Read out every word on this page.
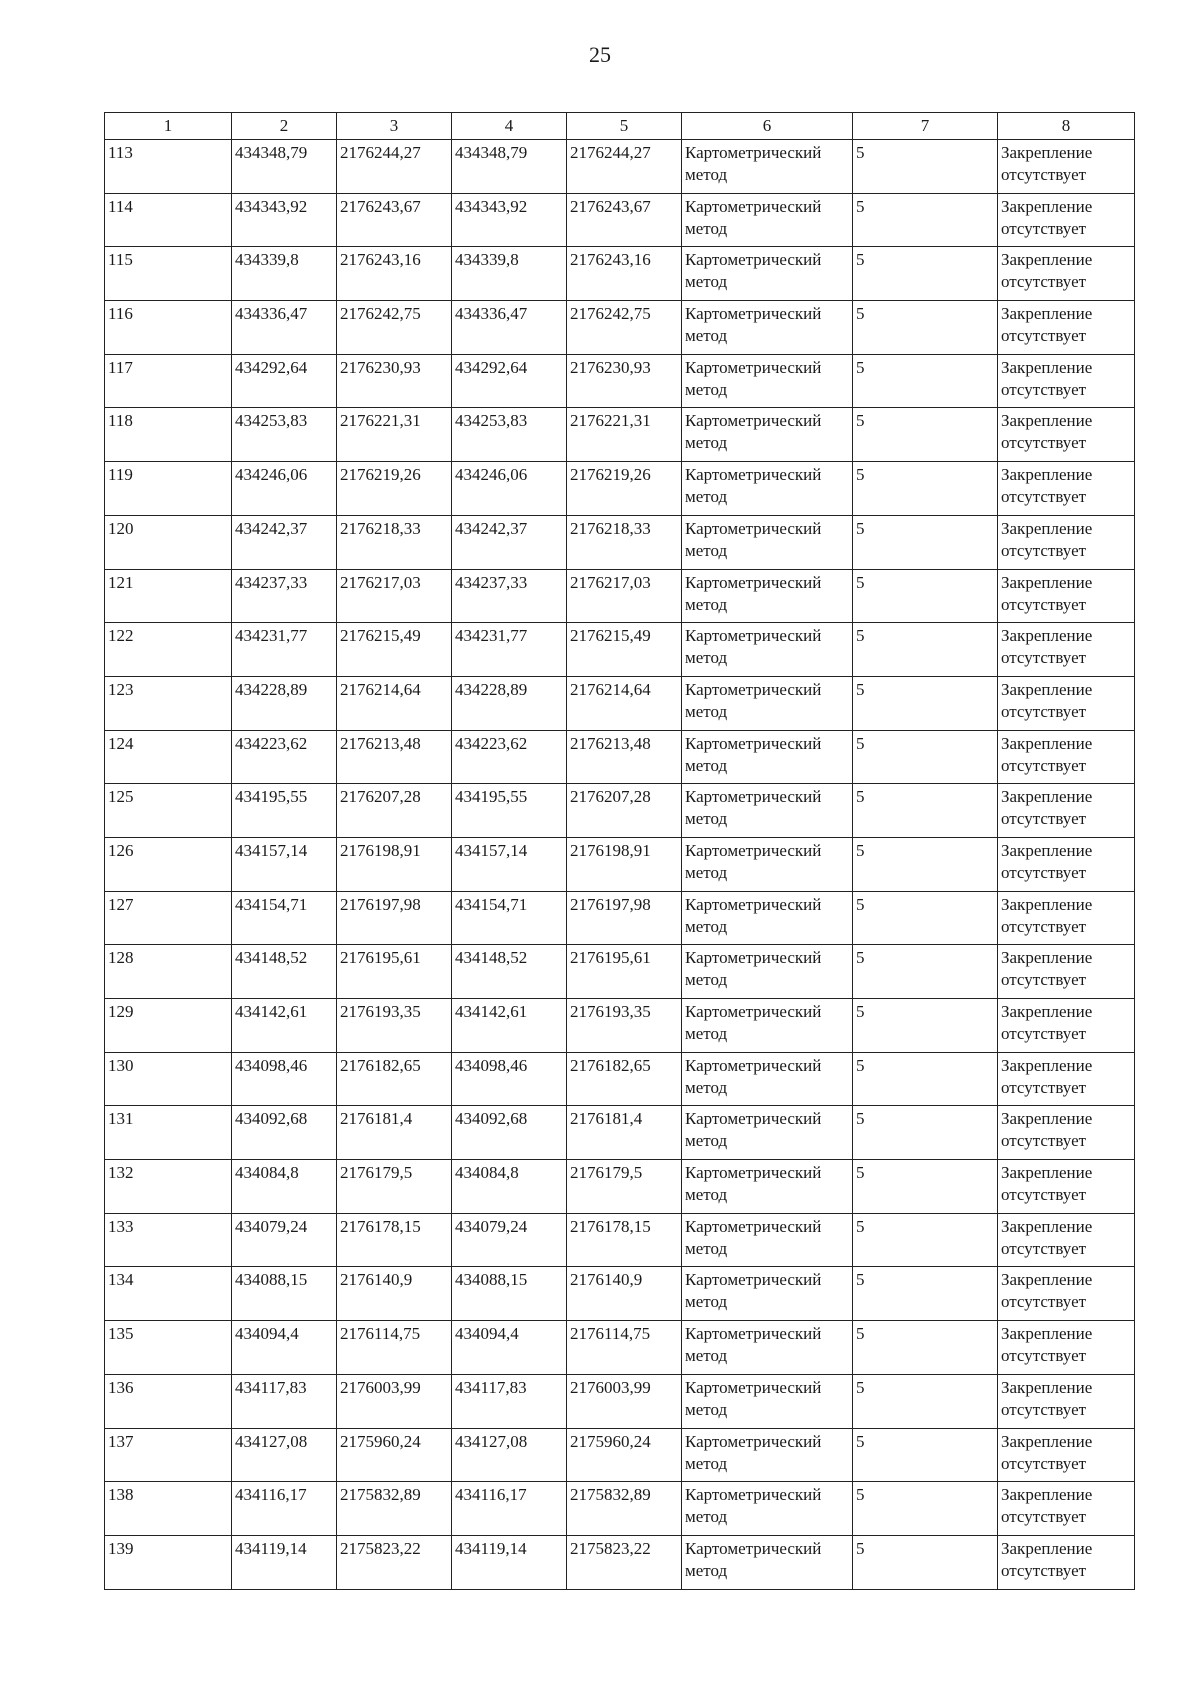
25
1	2	3	4	5	6	7	8
113	434348,79	2176244,27	434348,79	2176244,27	Картометрический метод	5	Закрепление отсутствует
114	434343,92	2176243,67	434343,92	2176243,67	Картометрический метод	5	Закрепление отсутствует
115	434339,8	2176243,16	434339,8	2176243,16	Картометрический метод	5	Закрепление отсутствует
116	434336,47	2176242,75	434336,47	2176242,75	Картометрический метод	5	Закрепление отсутствует
117	434292,64	2176230,93	434292,64	2176230,93	Картометрический метод	5	Закрепление отсутствует
118	434253,83	2176221,31	434253,83	2176221,31	Картометрический метод	5	Закрепление отсутствует
119	434246,06	2176219,26	434246,06	2176219,26	Картометрический метод	5	Закрепление отсутствует
120	434242,37	2176218,33	434242,37	2176218,33	Картометрический метод	5	Закрепление отсутствует
121	434237,33	2176217,03	434237,33	2176217,03	Картометрический метод	5	Закрепление отсутствует
122	434231,77	2176215,49	434231,77	2176215,49	Картометрический метод	5	Закрепление отсутствует
123	434228,89	2176214,64	434228,89	2176214,64	Картометрический метод	5	Закрепление отсутствует
124	434223,62	2176213,48	434223,62	2176213,48	Картометрический метод	5	Закрепление отсутствует
125	434195,55	2176207,28	434195,55	2176207,28	Картометрический метод	5	Закрепление отсутствует
126	434157,14	2176198,91	434157,14	2176198,91	Картометрический метод	5	Закрепление отсутствует
127	434154,71	2176197,98	434154,71	2176197,98	Картометрический метод	5	Закрепление отсутствует
128	434148,52	2176195,61	434148,52	2176195,61	Картометрический метод	5	Закрепление отсутствует
129	434142,61	2176193,35	434142,61	2176193,35	Картометрический метод	5	Закрепление отсутствует
130	434098,46	2176182,65	434098,46	2176182,65	Картометрический метод	5	Закрепление отсутствует
131	434092,68	2176181,4	434092,68	2176181,4	Картометрический метод	5	Закрепление отсутствует
132	434084,8	2176179,5	434084,8	2176179,5	Картометрический метод	5	Закрепление отсутствует
133	434079,24	2176178,15	434079,24	2176178,15	Картометрический метод	5	Закрепление отсутствует
134	434088,15	2176140,9	434088,15	2176140,9	Картометрический метод	5	Закрепление отсутствует
135	434094,4	2176114,75	434094,4	2176114,75	Картометрический метод	5	Закрепление отсутствует
136	434117,83	2176003,99	434117,83	2176003,99	Картометрический метод	5	Закрепление отсутствует
137	434127,08	2175960,24	434127,08	2175960,24	Картометрический метод	5	Закрепление отсутствует
138	434116,17	2175832,89	434116,17	2175832,89	Картометрический метод	5	Закрепление отсутствует
139	434119,14	2175823,22	434119,14	2175823,22	Картометрический метод	5	Закрепление отсутствует
